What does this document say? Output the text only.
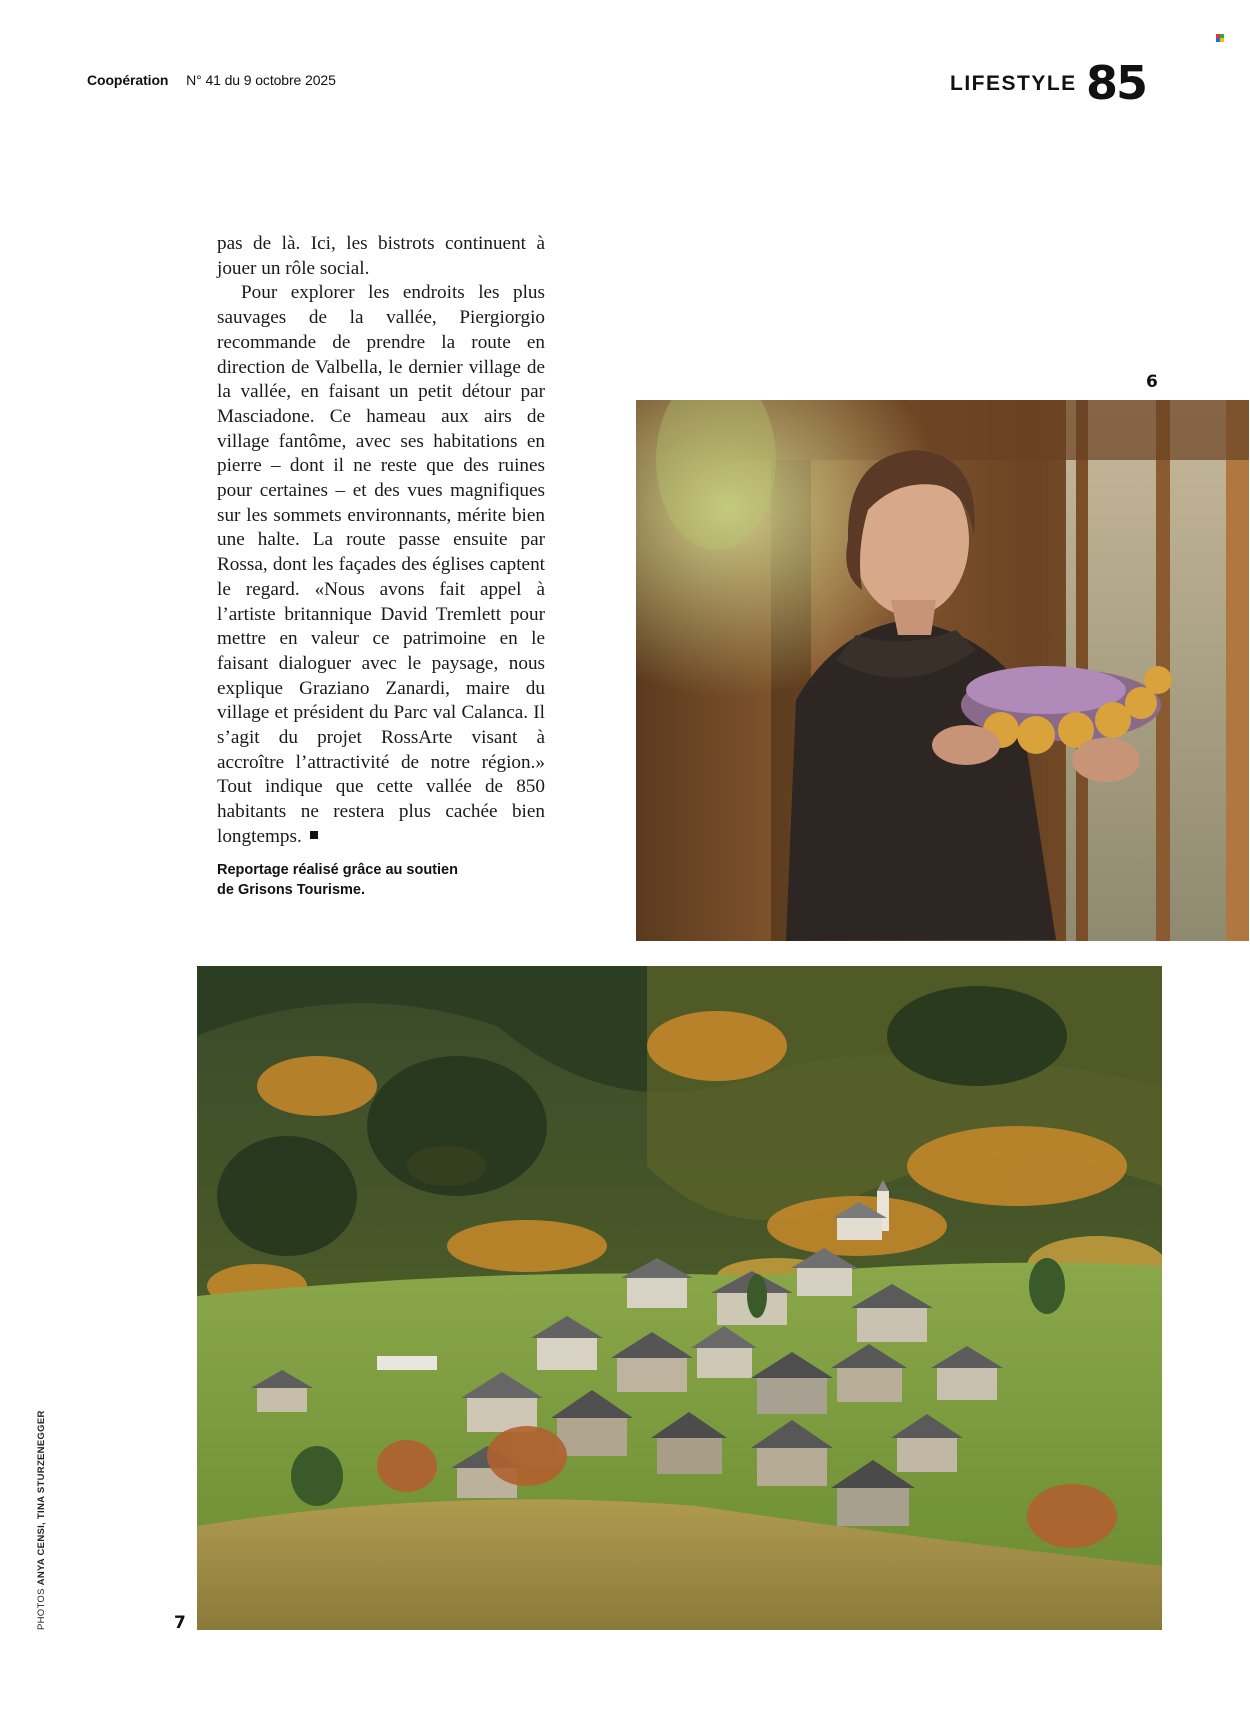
Coopération N° 41 du 9 octobre 2025	LIFESTYLE 85

pas de là. Ici, les bistrots continuent à jouer un rôle social.

Pour explorer les endroits les plus sauvages de la vallée, Piergiorgio recommande de prendre la route en direction de Valbella, le dernier village de la vallée, en faisant un petit détour par Masciadone. Ce hameau aux airs de village fantôme, avec ses habitations en pierre – dont il ne reste que des ruines pour certaines – et des vues magnifiques sur les sommets environnants, mérite bien une halte. La route passe ensuite par Rossa, dont les façades des églises captent le regard. «Nous avons fait appel à l’artiste britannique David Tremlett pour mettre en valeur ce patrimoine en le faisant dialoguer avec le paysage, nous explique Graziano Zanardi, maire du village et président du Parc val Calanca. Il s’agit du projet RossArte visant à accroître l’attractivité de notre région.» Tout indique que cette vallée de 850 habitants ne restera plus cachée bien longtemps.

Reportage réalisé grâce au soutien
de Grisons Tourisme.
6
7
PHOTOS ANYA CENSI, TINA STURZENEGGER
